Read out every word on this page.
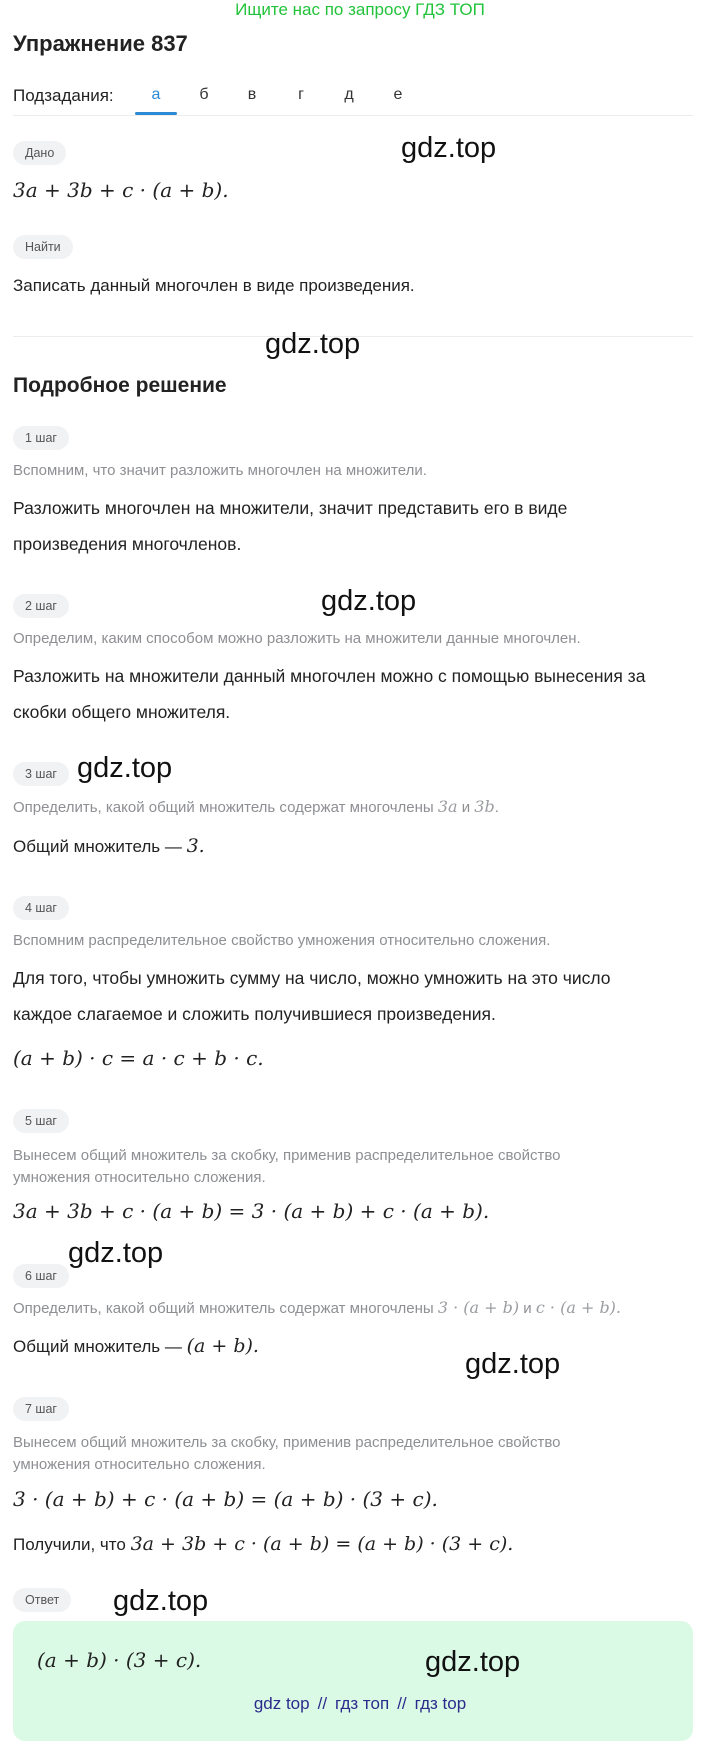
Ищите нас по запросу ГДЗ ТОП
Упражнение 837
Подзадания:	а	б	в	г	д	е
Дано
3a + 3b + c · (a + b).
Найти
Записать данный многочлен в виде произведения.
Подробное решение
1 шаг
Вспомним, что значит разложить многочлен на множители.
Разложить многочлен на множители, значит представить его в виде
произведения многочленов.
2 шаг
Определим, каким способом можно разложить на множители данные многочлен.
Разложить на множители данный многочлен можно с помощью вынесения за
скобки общего множителя.
3 шаг
Определить, какой общий множитель содержат многочлены 3a и 3b.
Общий множитель — 3.
4 шаг
Вспомним распределительное свойство умножения относительно сложения.
Для того, чтобы умножить сумму на число, можно умножить на это число
каждое слагаемое и сложить получившиеся произведения.
(a + b) · c = a · c + b · c.
5 шаг
Вынесем общий множитель за скобку, применив распределительное свойство
умножения относительно сложения.
3a + 3b + c · (a + b) = 3 · (a + b) + c · (a + b).
6 шаг
Определить, какой общий множитель содержат многочлены 3 · (a + b) и c · (a + b).
Общий множитель — (a + b).
7 шаг
Вынесем общий множитель за скобку, применив распределительное свойство
умножения относительно сложения.
3 · (a + b) + c · (a + b) = (a + b) · (3 + c).
Получили, что 3a + 3b + c · (a + b) = (a + b) · (3 + c).
Ответ
(a + b) · (3 + c).
gdz.top
gdz.top
gdz.top
gdz.top
gdz.top
gdz.top
gdz.top
gdz.top
gdz top // гдз топ // гдз top
